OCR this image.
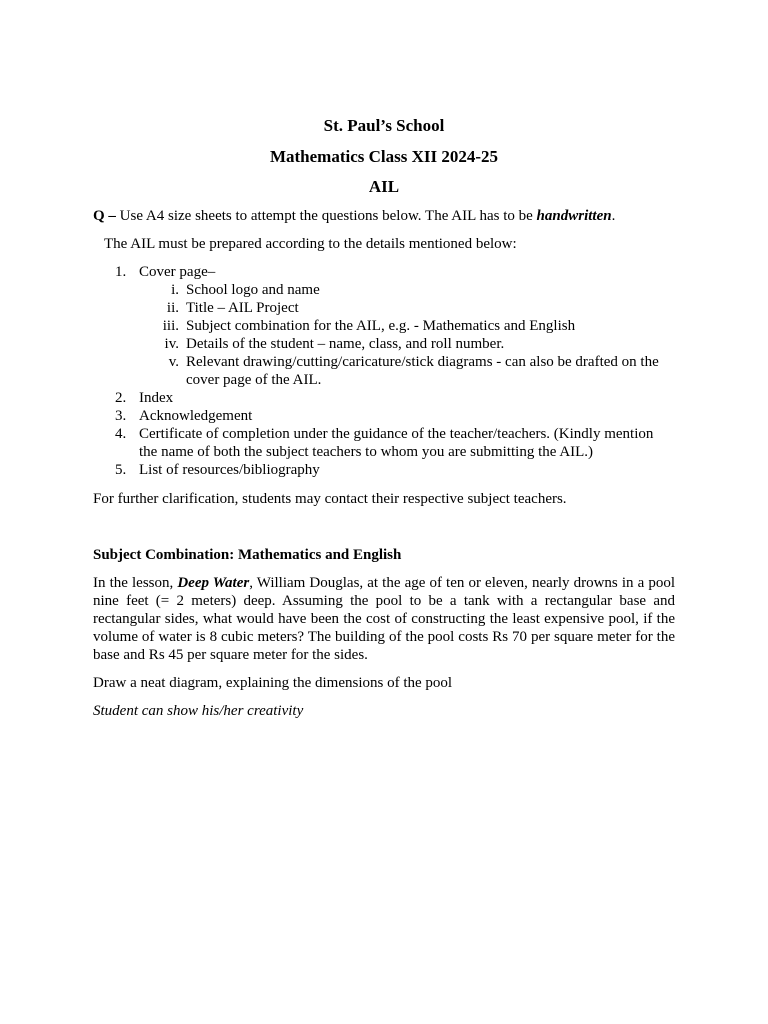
St. Paul’s School
Mathematics Class XII 2024-25
AIL
Q – Use A4 size sheets to attempt the questions below. The AIL has to be handwritten.
The AIL must be prepared according to the details mentioned below:
1. Cover page–
i. School logo and name
ii. Title – AIL Project
iii. Subject combination for the AIL, e.g. - Mathematics and English
iv. Details of the student – name, class, and roll number.
v. Relevant drawing/cutting/caricature/stick diagrams - can also be drafted on the cover page of the AIL.
2. Index
3. Acknowledgement
4. Certificate of completion under the guidance of the teacher/teachers. (Kindly mention the name of both the subject teachers to whom you are submitting the AIL.)
5. List of resources/bibliography
For further clarification, students may contact their respective subject teachers.
Subject Combination: Mathematics and English
In the lesson, Deep Water, William Douglas, at the age of ten or eleven, nearly drowns in a pool nine feet (= 2 meters) deep. Assuming the pool to be a tank with a rectangular base and rectangular sides, what would have been the cost of constructing the least expensive pool, if the volume of water is 8 cubic meters? The building of the pool costs Rs 70 per square meter for the base and Rs 45 per square meter for the sides.
Draw a neat diagram, explaining the dimensions of the pool
Student can show his/her creativity
